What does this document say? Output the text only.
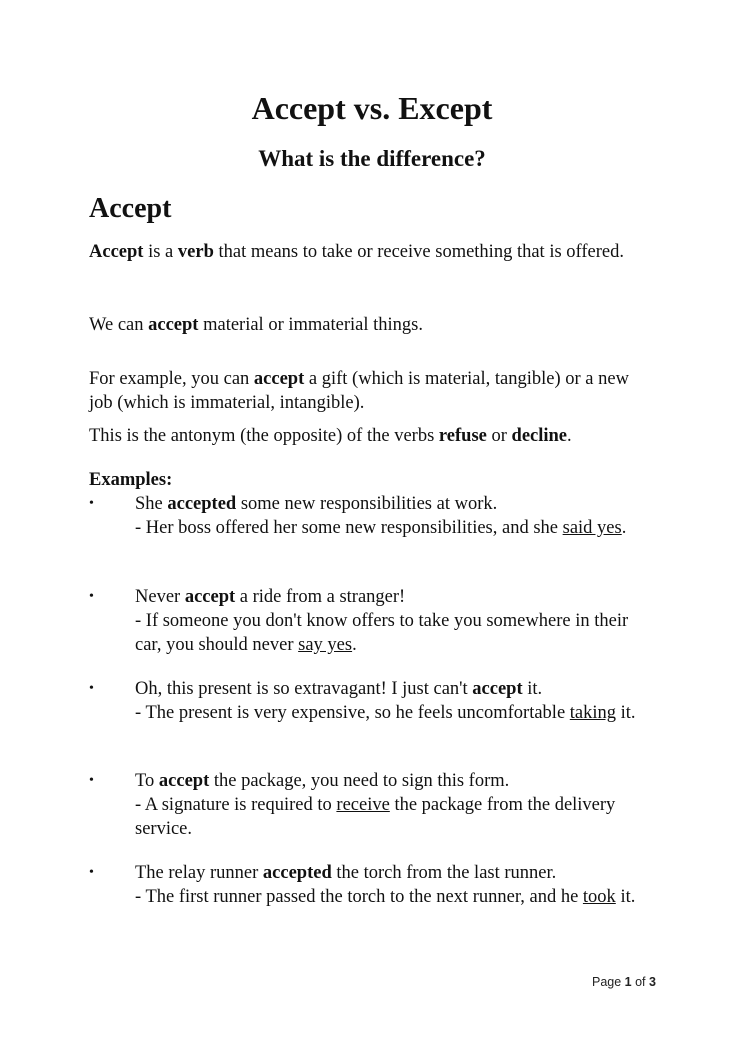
Accept vs. Except
What is the difference?
Accept

Accept is a verb that means to take or receive something that is offered.

We can accept material or immaterial things.

For example, you can accept a gift (which is material, tangible) or a new job (which is immaterial, intangible).

This is the antonym (the opposite) of the verbs refuse or decline.

Examples:

• She accepted some new responsibilities at work.
- Her boss offered her some new responsibilities, and she said yes.
• Never accept a ride from a stranger!
- If someone you don't know offers to take you somewhere in their car, you should never say yes.
• Oh, this present is so extravagant! I just can't accept it.
- The present is very expensive, so he feels uncomfortable taking it.
• To accept the package, you need to sign this form.
- A signature is required to receive the package from the delivery service.
• The relay runner accepted the torch from the last runner.
- The first runner passed the torch to the next runner, and he took it.
Page 1 of 3
